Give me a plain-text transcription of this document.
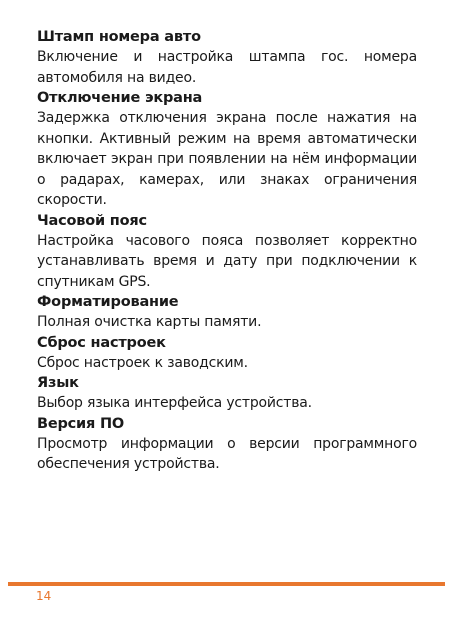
Штамп номера авто

Включение и настройка штампа гос. номера автомобиля на видео.

Отключение экрана

Задержка отключения экрана после нажатия на кнопки. Активный режим на время автоматически включает экран при появлении на нём информации о радарах, камерах, или знаках ограничения скорости.

Часовой пояс

Настройка часового пояса позволяет корректно устанавливать время и дату при подключении к спутникам GPS.

Форматирование

Полная очистка карты памяти.

Сброс настроек

Сброс настроек к заводским.

Язык

Выбор языка интерфейса устройства.

Версия ПО

Просмотр информации о версии программного обеспечения устройства.

14
